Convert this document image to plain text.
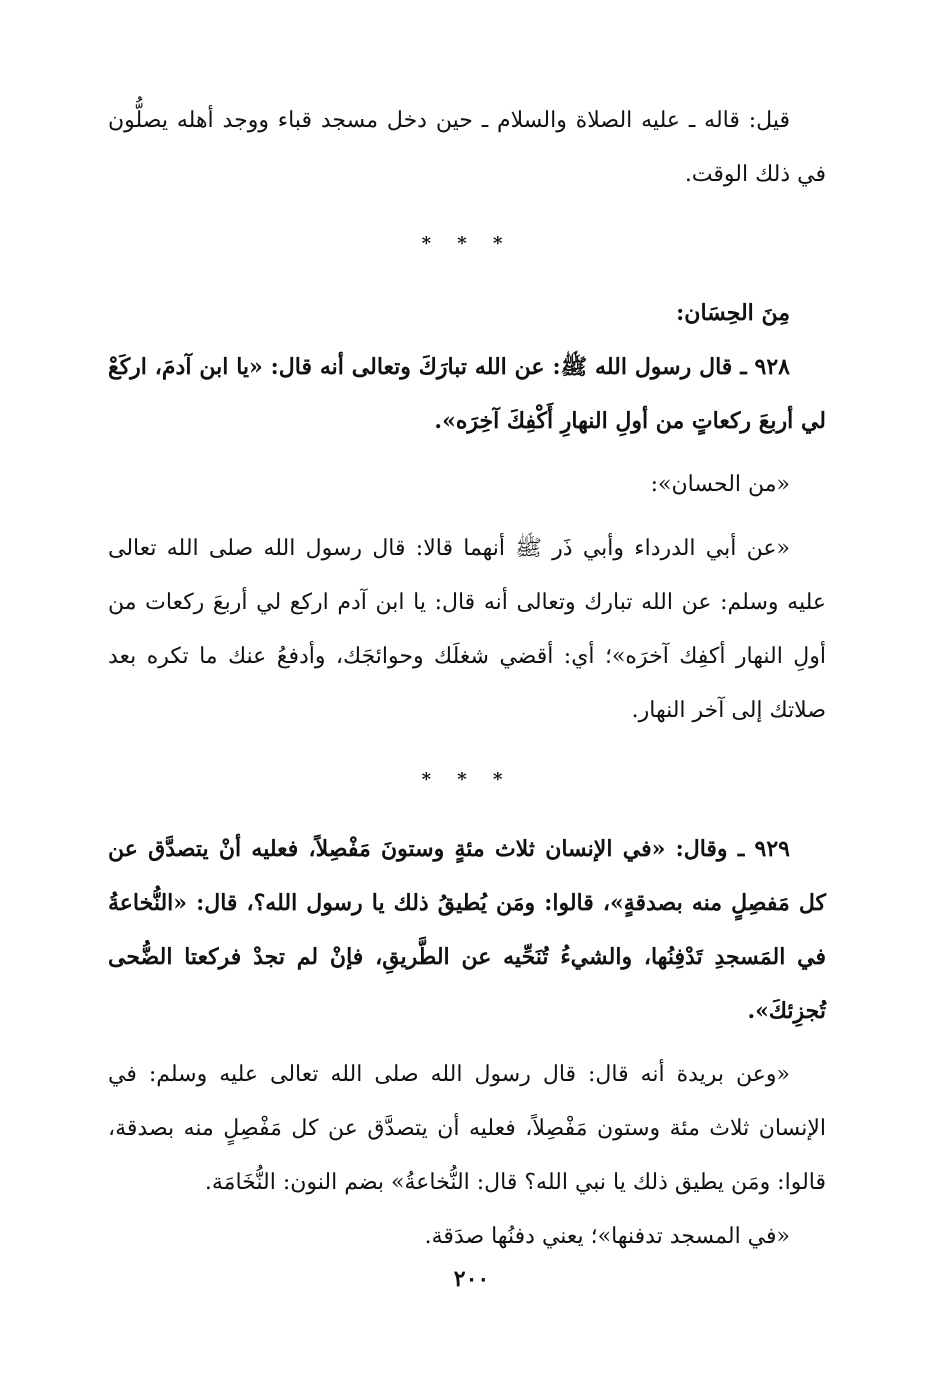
قيل: قاله ـ عليه الصلاة والسلام ـ حين دخل مسجد قباء ووجد أهله يصلُّون في ذلك الوقت.

* * *

مِنَ الحِسَان:

٩٢٨ ـ قال رسول الله ﷺ: عن الله تبارَكَ وتعالى أنه قال: «يا ابن آدمَ، اركَعْ لي أربعَ ركعاتٍ من أولِ النهارِ أَكْفِكَ آخِرَه».

«من الحسان»:

«عن أبي الدرداء وأبي ذَر ﷺ أنهما قالا: قال رسول الله صلى الله تعالى عليه وسلم: عن الله تبارك وتعالى أنه قال: يا ابن آدم اركع لي أربعَ ركعات من أولِ النهار أكفِك آخرَه»؛ أي: أقضي شغلَك وحوائجَك، وأدفعُ عنك ما تكره بعد صلاتك إلى آخر النهار.

* * *

٩٢٩ ـ وقال: «في الإنسان ثلاث مئةٍ وستونَ مَفْصِلاً، فعليه أنْ يتصدَّق عن كل مَفصِلٍ منه بصدقةٍ»، قالوا: ومَن يُطيقُ ذلك يا رسول الله؟، قال: «النُّخاعةُ في المَسجدِ تَدْفِنُها، والشيءُ تُنَحِّيه عن الطَّريقِ، فإنْ لم تجدْ فركعتا الضُّحى تُجزِئكَ».

«وعن بريدة أنه قال: قال رسول الله صلى الله تعالى عليه وسلم: في الإنسان ثلاث مئة وستون مَفْصِلاً، فعليه أن يتصدَّق عن كل مَفْصِلٍ منه بصدقة، قالوا: ومَن يطيق ذلك يا نبي الله؟ قال: النُّخاعةُ» بضم النون: النُّخَامَة.

«في المسجد تدفنها»؛ يعني دفنُها صدَقة.

٢٠٠
